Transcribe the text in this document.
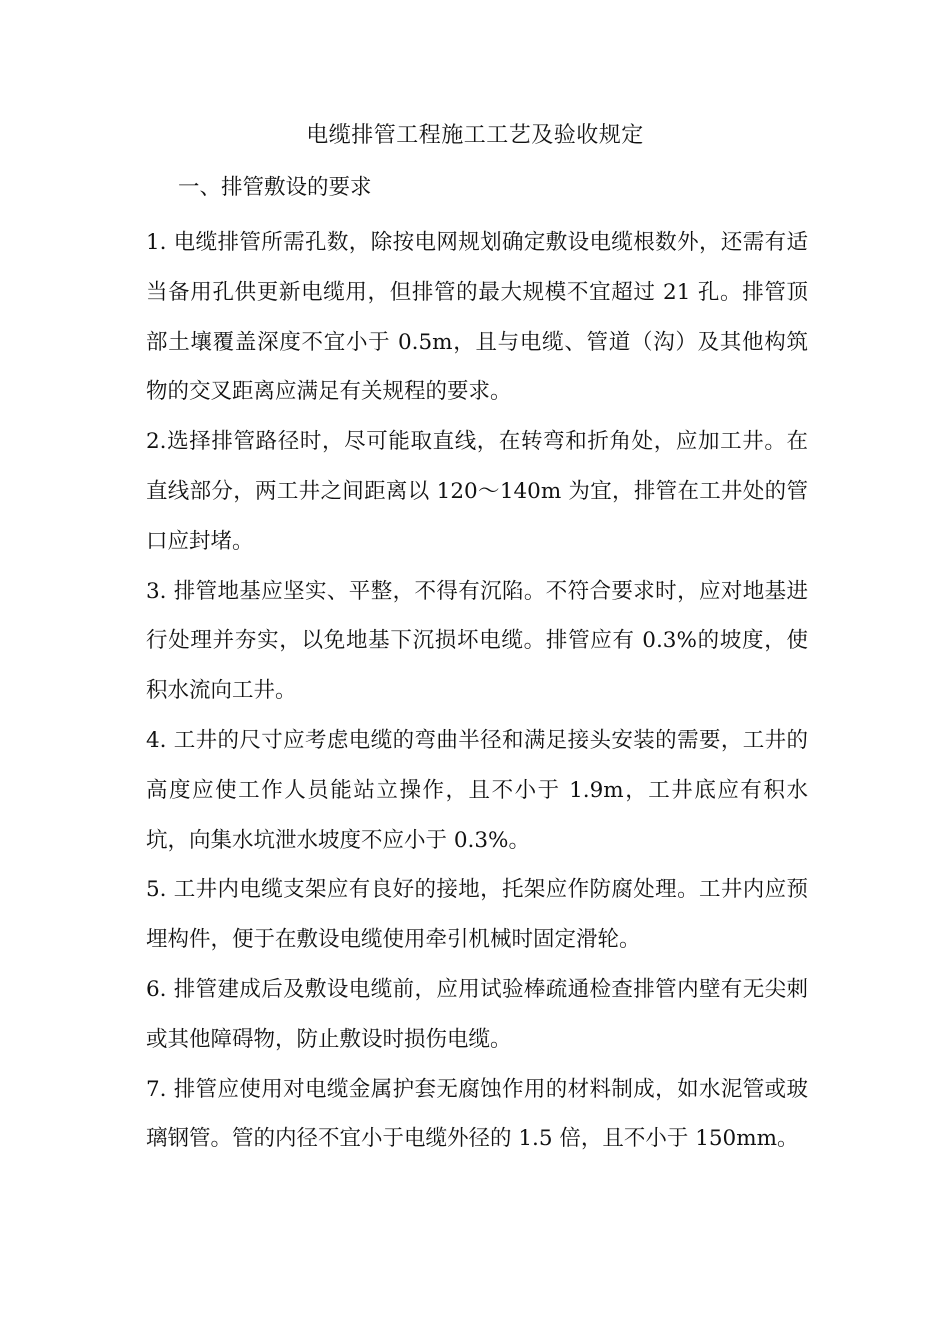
电缆排管工程施工工艺及验收规定
一、排管敷设的要求

1. 电缆排管所需孔数，除按电网规划确定敷设电缆根数外，还需有适当备用孔供更新电缆用，但排管的最大规模不宜超过 21 孔。排管顶部土壤覆盖深度不宜小于 0.5m，且与电缆、管道（沟）及其他构筑物的交叉距离应满足有关规程的要求。

2.选择排管路径时，尽可能取直线，在转弯和折角处，应加工井。在直线部分，两工井之间距离以 120～140m 为宜，排管在工井处的管口应封堵。

3. 排管地基应坚实、平整，不得有沉陷。不符合要求时，应对地基进行处理并夯实，以免地基下沉损坏电缆。排管应有 0.3%的坡度，使积水流向工井。

4. 工井的尺寸应考虑电缆的弯曲半径和满足接头安装的需要，工井的高度应使工作人员能站立操作，且不小于 1.9m，工井底应有积水坑，向集水坑泄水坡度不应小于 0.3%。

5. 工井内电缆支架应有良好的接地，托架应作防腐处理。工井内应预埋构件，便于在敷设电缆使用牵引机械时固定滑轮。

6. 排管建成后及敷设电缆前，应用试验棒疏通检查排管内壁有无尖刺或其他障碍物，防止敷设时损伤电缆。

7. 排管应使用对电缆金属护套无腐蚀作用的材料制成，如水泥管或玻璃钢管。管的内径不宜小于电缆外径的 1.5 倍，且不小于 150mm。
